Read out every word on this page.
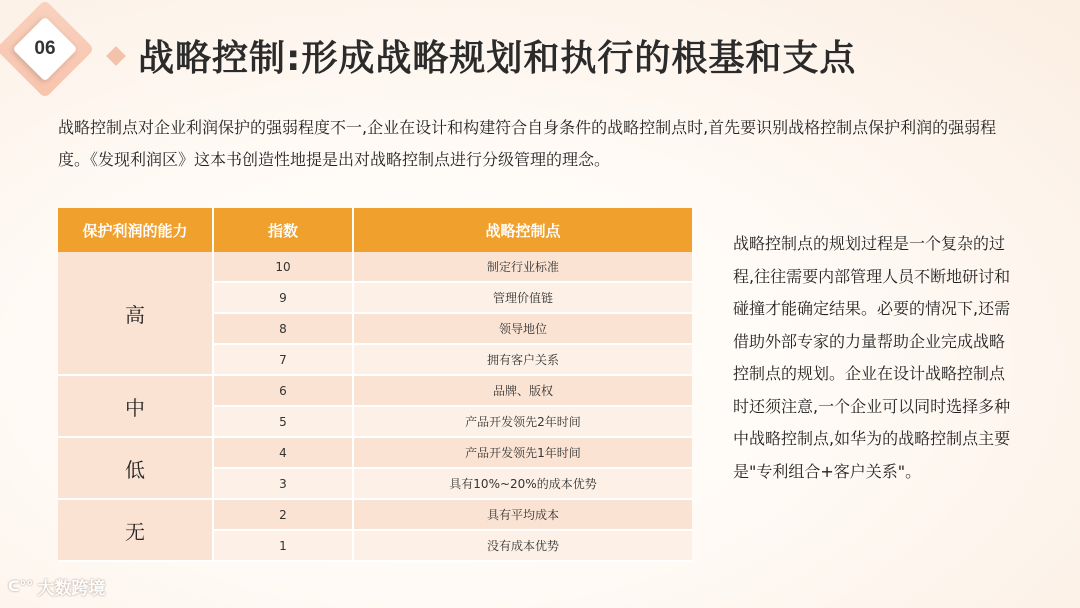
06	战略控制:形成战略规划和执行的根基和支点
战略控制点对企业利润保护的强弱程度不一,企业在设计和构建符合自身条件的战略控制点时,首先要识别战格控制点保护利润的强弱程度。《发现利润区》这本书创造性地提是出对战略控制点进行分级管理的理念。
保护利润的能力	指数	战略控制点
高	10	制定行业标准
	9	管理价值链
	8	领导地位
	7	拥有客户关系
中	6	品牌、版权
	5	产品开发领先2年时间
低	4	产品开发领先1年时间
	3	具有10%~20%的成本优势
无	2	具有平均成本
	1	没有成本优势
战略控制点的规划过程是一个复杂的过程,往往需要内部管理人员不断地研讨和碰撞才能确定结果。必要的情况下,还需借助外部专家的力量帮助企业完成战略控制点的规划。企业在设计战略控制点时还须注意,一个企业可以同时选择多种中战略控制点,如华为的战略控制点主要是"专利组合+客户关系"。
ᑕ°° 大数跨境
